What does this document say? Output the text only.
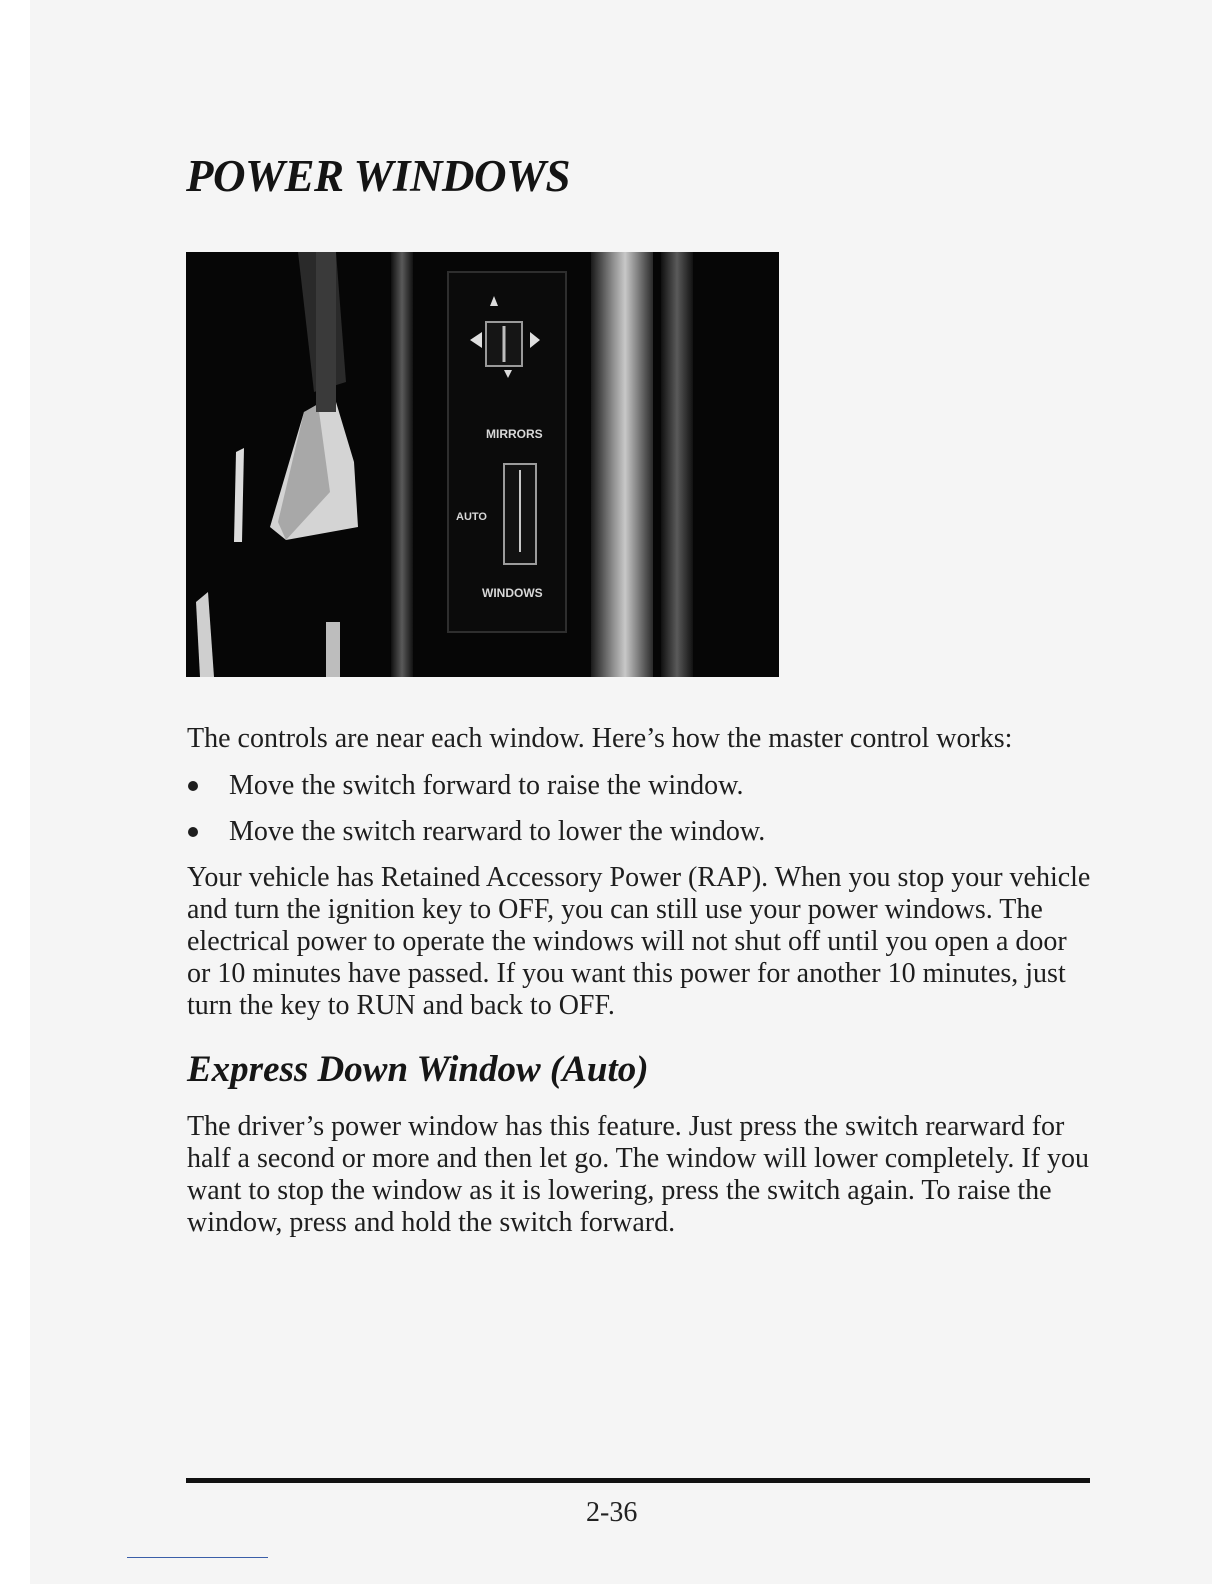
POWER WINDOWS
MIRRORS
AUTO
WINDOWS

The controls are near each window. Here’s how the master control works:

Move the switch forward to raise the window.
Move the switch rearward to lower the window.

Your vehicle has Retained Accessory Power (RAP). When you stop your vehicle and turn the ignition key to OFF, you can still use your power windows. The electrical power to operate the windows will not shut off until you open a door or 10 minutes have passed. If you want this power for another 10 minutes, just turn the key to RUN and back to OFF.

Express Down Window (Auto)

The driver’s power window has this feature. Just press the switch rearward for half a second or more and then let go. The window will lower completely. If you want to stop the window as it is lowering, press the switch again. To raise the window, press and hold the switch forward.

2-36
